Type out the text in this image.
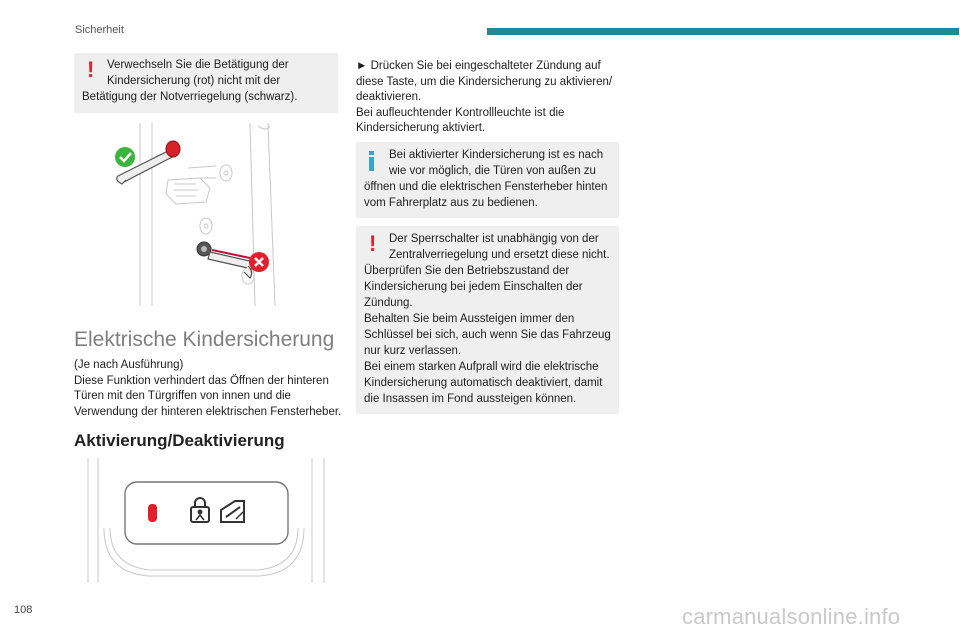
Sicherheit
! Verwechseln Sie die Betätigung der

Kindersicherung (rot) nicht mit der

Betätigung der Notverriegelung (schwarz).

Elektrische Kindersicherung

(Je nach Ausführung)

Diese Funktion verhindert das Öffnen der hinteren

Türen mit den Türgriffen von innen und die

Verwendung der hinteren elektrischen Fensterheber.

Aktivierung/Deaktivierung

► Drücken Sie bei eingeschalteter Zündung auf

diese Taste, um die Kindersicherung zu aktivieren/

deaktivieren.

Bei aufleuchtender Kontrollleuchte ist die

Kindersicherung aktiviert.

Bei aktivierter Kindersicherung ist es nach

wie vor möglich, die Türen von außen zu

öffnen und die elektrischen Fensterheber hinten

vom Fahrerplatz aus zu bedienen.

! Der Sperrschalter ist unabhängig von der

Zentralverriegelung und ersetzt diese nicht.

Überprüfen Sie den Betriebszustand der

Kindersicherung bei jedem Einschalten der

Zündung.

Behalten Sie beim Aussteigen immer den

Schlüssel bei sich, auch wenn Sie das Fahrzeug

nur kurz verlassen.

Bei einem starken Aufprall wird die elektrische

Kindersicherung automatisch deaktiviert, damit

die Insassen im Fond aussteigen können.

108	carmanualsonline.info
